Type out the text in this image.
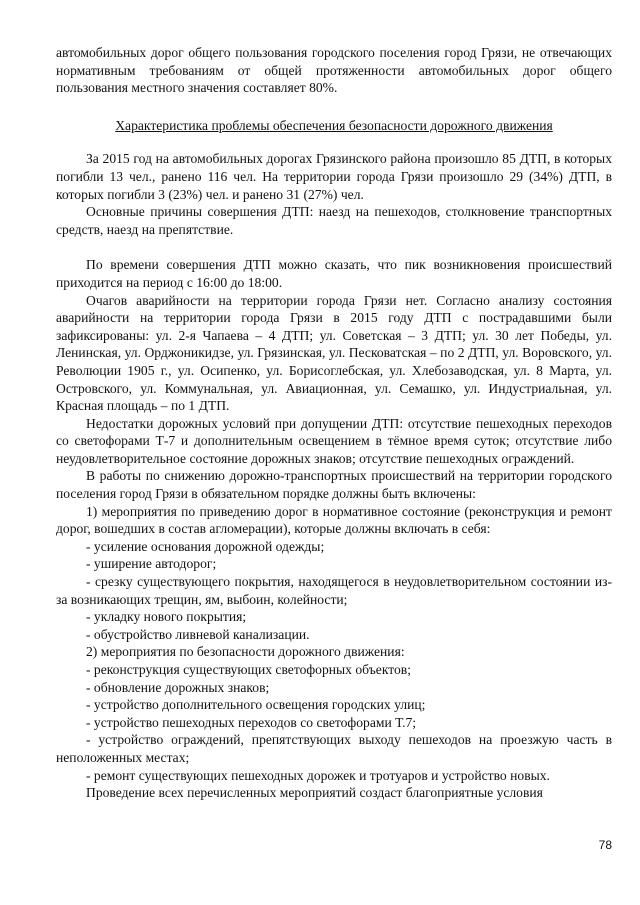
автомобильных дорог общего пользования городского поселения город Грязи, не отвечающих нормативным требованиям от общей протяженности автомобильных дорог общего пользования местного значения составляет 80%.

Характеристика проблемы обеспечения безопасности дорожного движения

За 2015 год на автомобильных дорогах Грязинского района произошло 85 ДТП, в которых погибли 13 чел., ранено 116 чел. На территории города Грязи произошло 29 (34%) ДТП, в которых погибли 3 (23%) чел. и ранено 31 (27%) чел.

Основные причины совершения ДТП: наезд на пешеходов, столкновение транспортных средств, наезд на препятствие.

По времени совершения ДТП можно сказать, что пик возникновения происшествий приходится на период с 16:00 до 18:00.

Очагов аварийности на территории города Грязи нет. Согласно анализу состояния аварийности на территории города Грязи в 2015 году ДТП с пострадавшими были зафиксированы: ул. 2-я Чапаева – 4 ДТП; ул. Советская – 3 ДТП; ул. 30 лет Победы, ул. Ленинская, ул. Орджоникидзе, ул. Грязинская, ул. Песковатская – по 2 ДТП, ул. Воровского, ул. Революции 1905 г., ул. Осипенко, ул. Борисоглебская, ул. Хлебозаводская, ул. 8 Марта, ул. Островского, ул. Коммунальная, ул. Авиационная, ул. Семашко, ул. Индустриальная, ул. Красная площадь – по 1 ДТП.

Недостатки дорожных условий при допущении ДТП: отсутствие пешеходных переходов со светофорами Т-7 и дополнительным освещением в тёмное время суток; отсутствие либо неудовлетворительное состояние дорожных знаков; отсутствие пешеходных ограждений.

В работы по снижению дорожно-транспортных происшествий на территории городского поселения город Грязи в обязательном порядке должны быть включены:

1) мероприятия по приведению дорог в нормативное состояние (реконструкция и ремонт дорог, вошедших в состав агломерации), которые должны включать в себя:

- усиление основания дорожной одежды;

- уширение автодорог;

- срезку существующего покрытия, находящегося в неудовлетворительном состоянии из-за возникающих трещин, ям, выбоин, колейности;

- укладку нового покрытия;

- обустройство ливневой канализации.

2) мероприятия по безопасности дорожного движения:

- реконструкция существующих светофорных объектов;

- обновление дорожных знаков;

- устройство дополнительного освещения городских улиц;

- устройство пешеходных переходов со светофорами Т.7;

- устройство ограждений, препятствующих выходу пешеходов на проезжую часть в неположенных местах;

- ремонт существующих пешеходных дорожек и тротуаров и устройство новых.

Проведение всех перечисленных мероприятий создаст благоприятные условия

78
